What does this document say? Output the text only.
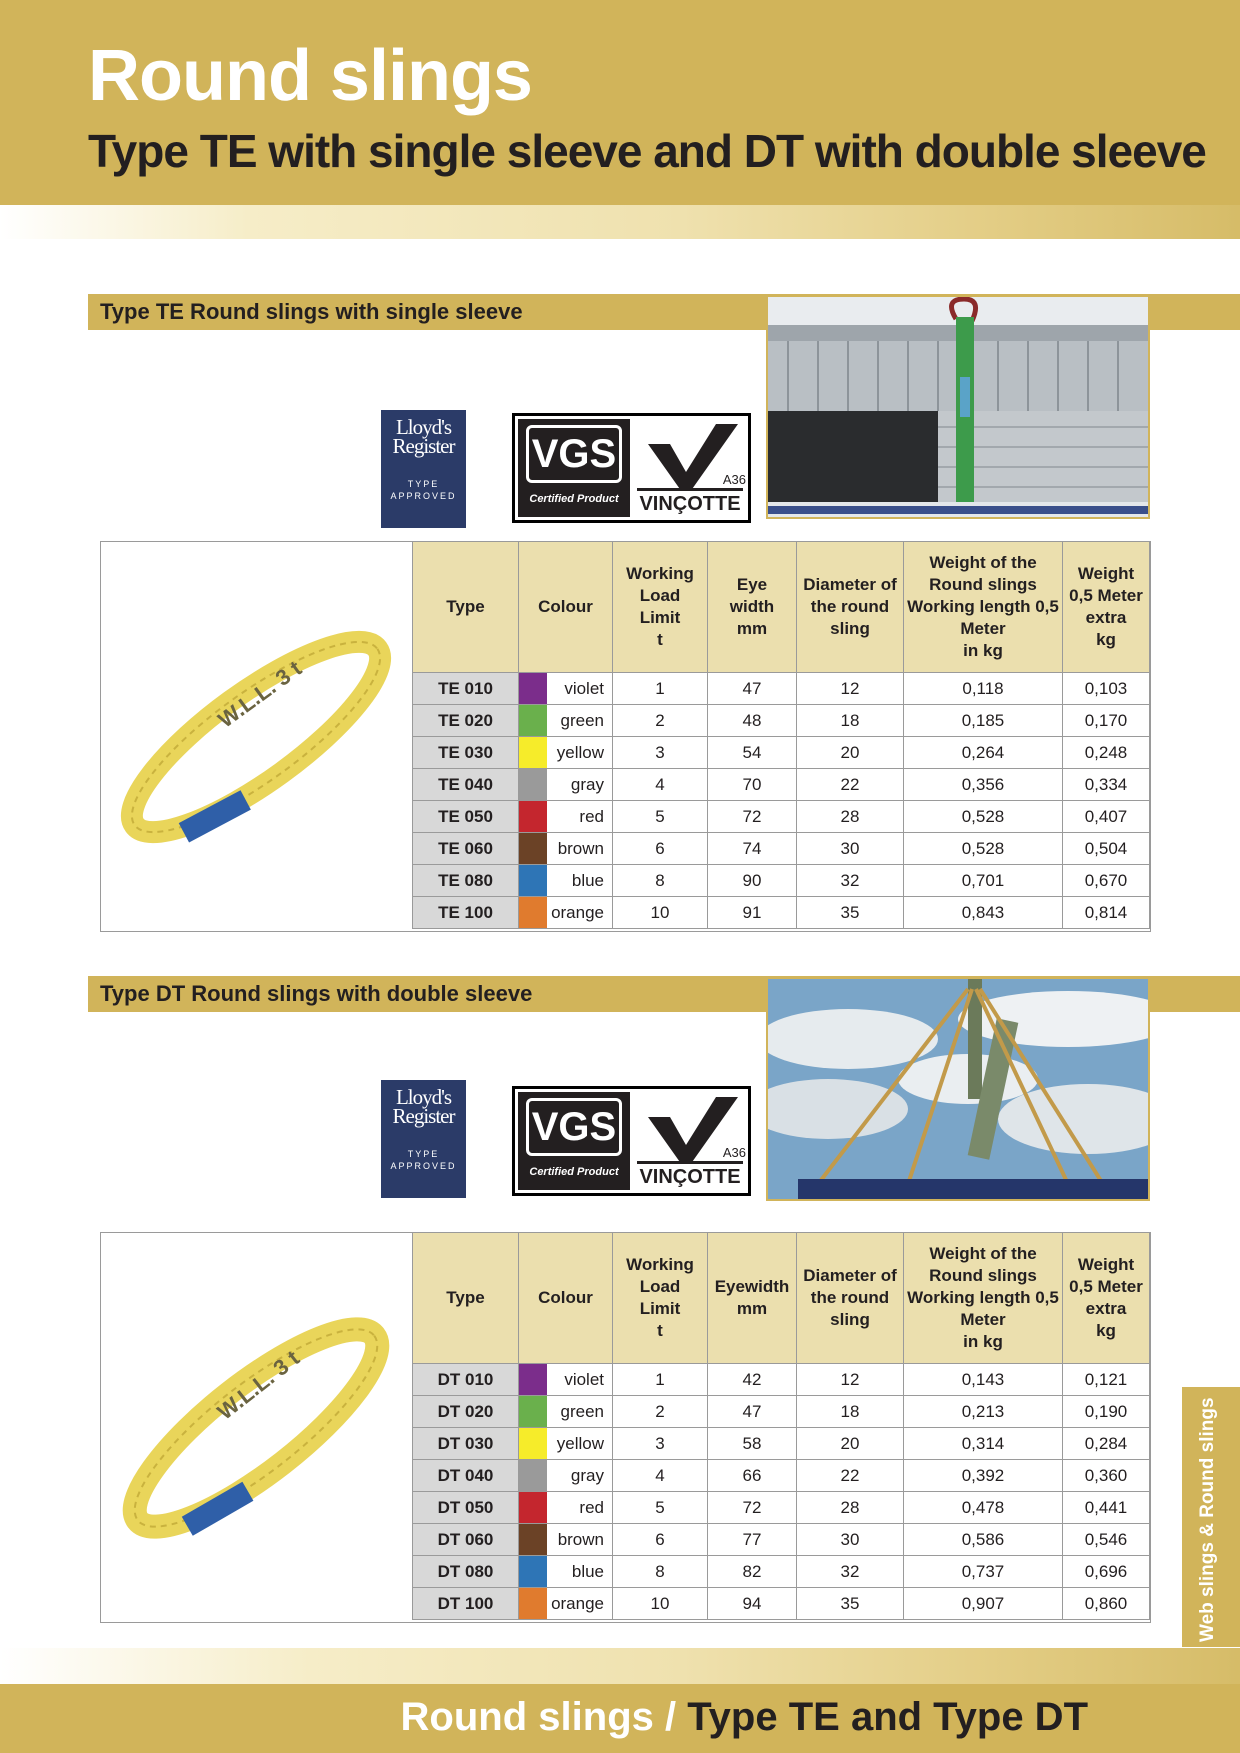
Round slings
Type TE with single sleeve and DT with double sleeve
Type TE Round slings with single sleeve
Lloyd's
Register
TYPE
APPROVED
VGS
Certified Product
A36
VINÇOTTE
W.L.L. 3 t
Type	Colour		Working
Load
Limit
t	Eye
width
mm	Diameter of
the round
sling	Weight of the
Round slings
Working length 0,5
Meter
in kg	Weight
0,5 Meter
extra
kg
TE 010		violet	1	47	12	0,118	0,103
TE 020		green	2	48	18	0,185	0,170
TE 030		yellow	3	54	20	0,264	0,248
TE 040		gray	4	70	22	0,356	0,334
TE 050		red	5	72	28	0,528	0,407
TE 060		brown	6	74	30	0,528	0,504
TE 080		blue	8	90	32	0,701	0,670
TE 100		orange	10	91	35	0,843	0,814
Type DT Round slings with double sleeve
Lloyd's
Register
TYPE
APPROVED
VGS
Certified Product
A36
VINÇOTTE
W.L.L. 3 t
Type	Colour		Working
Load
Limit
t	Eyewidth
mm	Diameter of
the round
sling	Weight of the
Round slings
Working length 0,5
Meter
in kg	Weight
0,5 Meter
extra
kg
DT 010		violet	1	42	12	0,143	0,121
DT 020		green	2	47	18	0,213	0,190
DT 030		yellow	3	58	20	0,314	0,284
DT 040		gray	4	66	22	0,392	0,360
DT 050		red	5	72	28	0,478	0,441
DT 060		brown	6	77	30	0,586	0,546
DT 080		blue	8	82	32	0,737	0,696
DT 100		orange	10	94	35	0,907	0,860	Web slings & Round slings
Round slings / Type TE and Type DT
